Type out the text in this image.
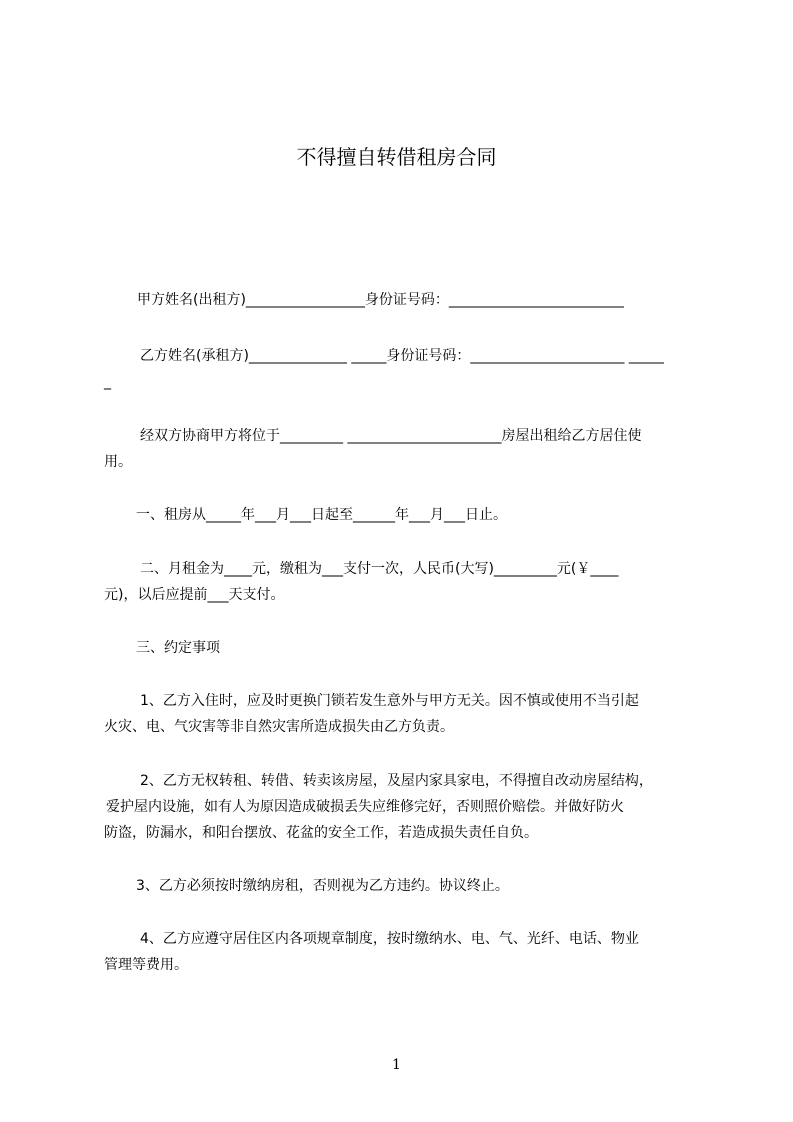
不得擅自转借租房合同
甲方姓名(出租方)_________________身份证号码：_________________________
乙方姓名(承租方)______________ _____身份证号码：______________________ _____
_
经双方协商甲方将位于_________ ______________________房屋出租给乙方居住使
用。
一、租房从_____年___月___日起至______年___月___日止。
二、月租金为____元，缴租为___支付一次，人民币(大写)_________元(￥____
元)，以后应提前___天支付。
三、约定事项
1、乙方入住时，应及时更换门锁若发生意外与甲方无关。因不慎或使用不当引起
火灾、电、气灾害等非自然灾害所造成损失由乙方负责。
2、乙方无权转租、转借、转卖该房屋，及屋内家具家电，不得擅自改动房屋结构，
爱护屋内设施，如有人为原因造成破损丢失应维修完好，否则照价赔偿。并做好防火
防盗，防漏水，和阳台摆放、花盆的安全工作，若造成损失责任自负。
3、乙方必须按时缴纳房租，否则视为乙方违约。协议终止。
4、乙方应遵守居住区内各项规章制度，按时缴纳水、电、气、光纤、电话、物业
管理等费用。
1
